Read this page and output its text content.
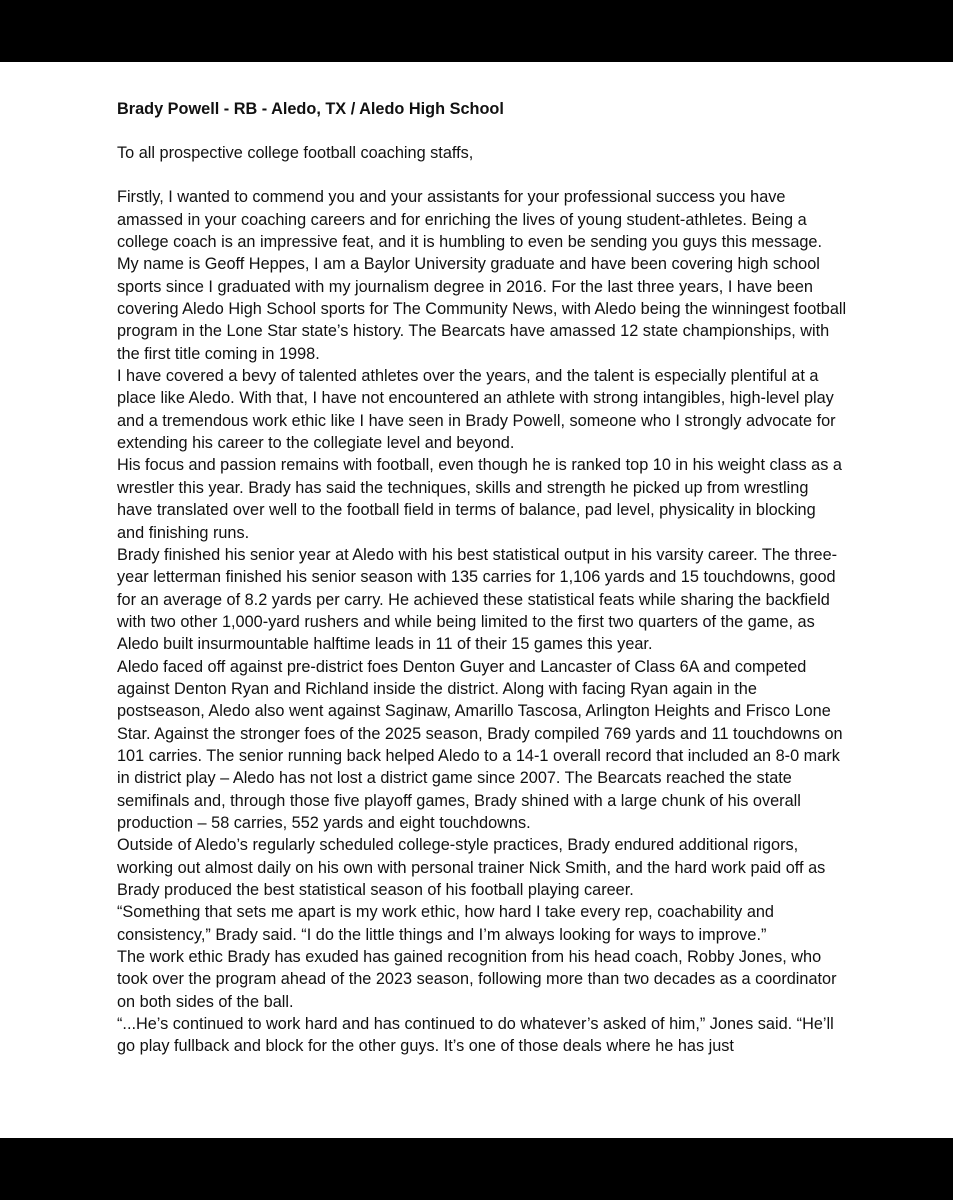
Brady Powell - RB - Aledo, TX / Aledo High School

To all prospective college football coaching staffs,

Firstly, I wanted to commend you and your assistants for your professional success you have amassed in your coaching careers and for enriching the lives of young student-athletes. Being a college coach is an impressive feat, and it is humbling to even be sending you guys this message. My name is Geoff Heppes, I am a Baylor University graduate and have been covering high school sports since I graduated with my journalism degree in 2016. For the last three years, I have been covering Aledo High School sports for The Community News, with Aledo being the winningest football program in the Lone Star state’s history. The Bearcats have amassed 12 state championships, with the first title coming in 1998.

I have covered a bevy of talented athletes over the years, and the talent is especially plentiful at a place like Aledo. With that, I have not encountered an athlete with strong intangibles, high-level play and a tremendous work ethic like I have seen in Brady Powell, someone who I strongly advocate for extending his career to the collegiate level and beyond.

His focus and passion remains with football, even though he is ranked top 10 in his weight class as a wrestler this year. Brady has said the techniques, skills and strength he picked up from wrestling have translated over well to the football field in terms of balance, pad level, physicality in blocking and finishing runs.

Brady finished his senior year at Aledo with his best statistical output in his varsity career. The three-year letterman finished his senior season with 135 carries for 1,106 yards and 15 touchdowns, good for an average of 8.2 yards per carry. He achieved these statistical feats while sharing the backfield with two other 1,000-yard rushers and while being limited to the first two quarters of the game, as Aledo built insurmountable halftime leads in 11 of their 15 games this year.

Aledo faced off against pre-district foes Denton Guyer and Lancaster of Class 6A and competed against Denton Ryan and Richland inside the district. Along with facing Ryan again in the postseason, Aledo also went against Saginaw, Amarillo Tascosa, Arlington Heights and Frisco Lone Star. Against the stronger foes of the 2025 season, Brady compiled 769 yards and 11 touchdowns on 101 carries. The senior running back helped Aledo to a 14-1 overall record that included an 8-0 mark in district play – Aledo has not lost a district game since 2007. The Bearcats reached the state semifinals and, through those five playoff games, Brady shined with a large chunk of his overall production – 58 carries, 552 yards and eight touchdowns.

Outside of Aledo’s regularly scheduled college-style practices, Brady endured additional rigors, working out almost daily on his own with personal trainer Nick Smith, and the hard work paid off as Brady produced the best statistical season of his football playing career.

“Something that sets me apart is my work ethic, how hard I take every rep, coachability and consistency,” Brady said. “I do the little things and I’m always looking for ways to improve.”

The work ethic Brady has exuded has gained recognition from his head coach, Robby Jones, who took over the program ahead of the 2023 season, following more than two decades as a coordinator on both sides of the ball.

“...He’s continued to work hard and has continued to do whatever’s asked of him,” Jones said. “He’ll go play fullback and block for the other guys. It’s one of those deals where he has just
